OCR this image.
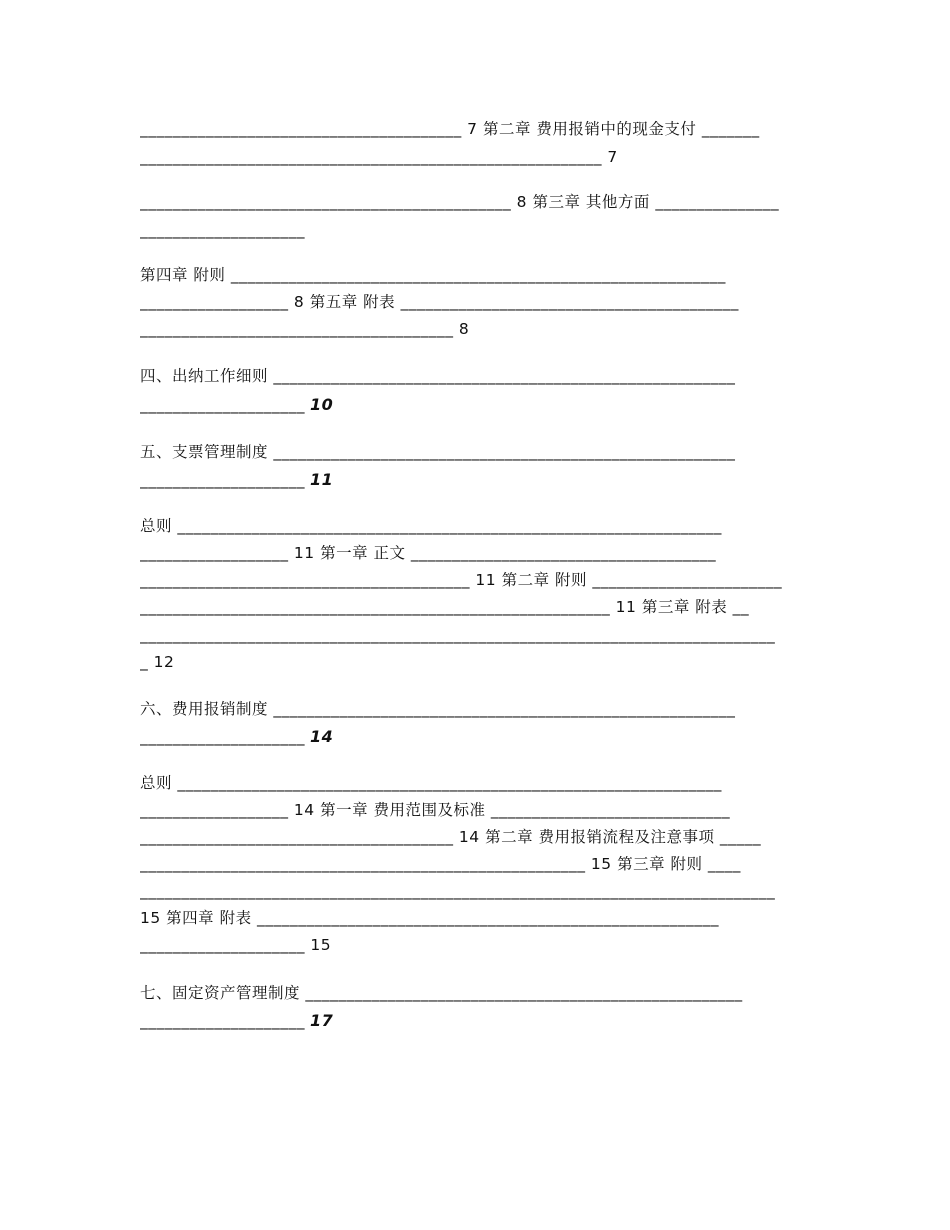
_______________________________________ 7 第二章 费用报销中的现金支付 _______
________________________________________________________ 7
_____________________________________________ 8 第三章 其他方面 _______________
____________________
第四章 附则 ____________________________________________________________
__________________ 8 第五章 附表 _________________________________________
______________________________________ 8
四、出纳工作细则 ________________________________________________________
____________________ 10
五、支票管理制度 ________________________________________________________
____________________ 11
总则 __________________________________________________________________
__________________ 11 第一章 正文 _____________________________________
________________________________________ 11 第二章 附则 _______________________
_________________________________________________________ 11 第三章 附表 __
_____________________________________________________________________________
_ 12
六、费用报销制度 ________________________________________________________
____________________ 14
总则 __________________________________________________________________
__________________ 14 第一章 费用范围及标准 _____________________________
______________________________________ 14 第二章 费用报销流程及注意事项 _____
______________________________________________________ 15 第三章 附则 ____
_____________________________________________________________________________
15 第四章 附表 ________________________________________________________
____________________ 15
七、固定资产管理制度 _____________________________________________________
____________________ 17
